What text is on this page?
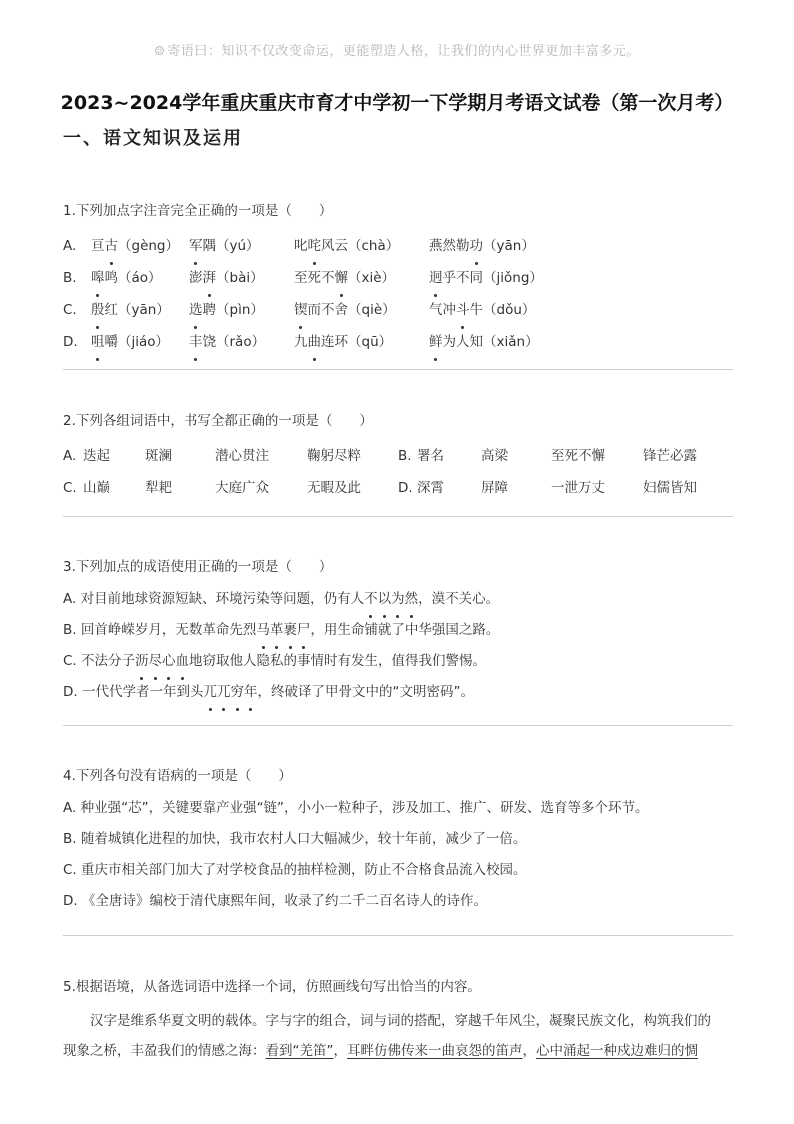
☺ 寄语曰：知识不仅改变命运，更能塑造人格，让我们的内心世界更加丰富多元。
2023~2024学年重庆重庆市育才中学初一下学期月考语文试卷（第一次月考）
一、语文知识及运用
1.下列加点字注音完全正确的一项是（　　）
A. 亘古（gèng） 军隅（yú）	叱咤风云（chà） 燕然勒功（yān）
B. 嗥鸣（áo） 澎湃（bài） 至死不懈（xiè）	迥乎不同（jiǒng）
C. 殷红（yān） 选聘（pìn） 锲而不舍（qiè） 气冲斗牛（dǒu）
D. 咀嚼（jiáo） 丰饶（rǎo） 九曲连环（qū）	鲜为人知（xiǎn）
2.下列各组词语中，书写全都正确的一项是（　　）
A. 迭起	斑澜	潜心贯注	鞠躬尽粹	B. 署名	高梁	至死不懈	锋芒必露
C. 山巅	犁耙	大庭广众	无暇及此	D. 深霄	屏障	一泄万丈	妇儒皆知
3.下列加点的成语使用正确的一项是（　　）
A. 对目前地球资源短缺、环境污染等问题，仍有人不以为然，漠不关心。
B. 回首峥嵘岁月，无数革命先烈马革裹尸，用生命铺就了中华强国之路。
C. 不法分子沥尽心血地窃取他人隐私的事情时有发生，值得我们警惕。
D. 一代代学者一年到头兀兀穷年，终破译了甲骨文中的“文明密码”。
4.下列各句没有语病的一项是（　　）
A. 种业强“芯”，关键要靠产业强“链”，小小一粒种子，涉及加工、推广、研发、选育等多个环节。
B. 随着城镇化进程的加快，我市农村人口大幅减少，较十年前，减少了一倍。
C. 重庆市相关部门加大了对学校食品的抽样检测，防止不合格食品流入校园。
D. 《全唐诗》编校于清代康熙年间，收录了约二千二百名诗人的诗作。
5.根据语境，从备选词语中选择一个词，仿照画线句写出恰当的内容。
汉字是维系华夏文明的载体。字与字的组合，词与词的搭配，穿越千年风尘，凝聚民族文化，构筑我们的
现象之桥，丰盈我们的情感之海：看到“羌笛”，耳畔仿佛传来一曲哀怨的笛声，心中涌起一种戍边难归的惆
